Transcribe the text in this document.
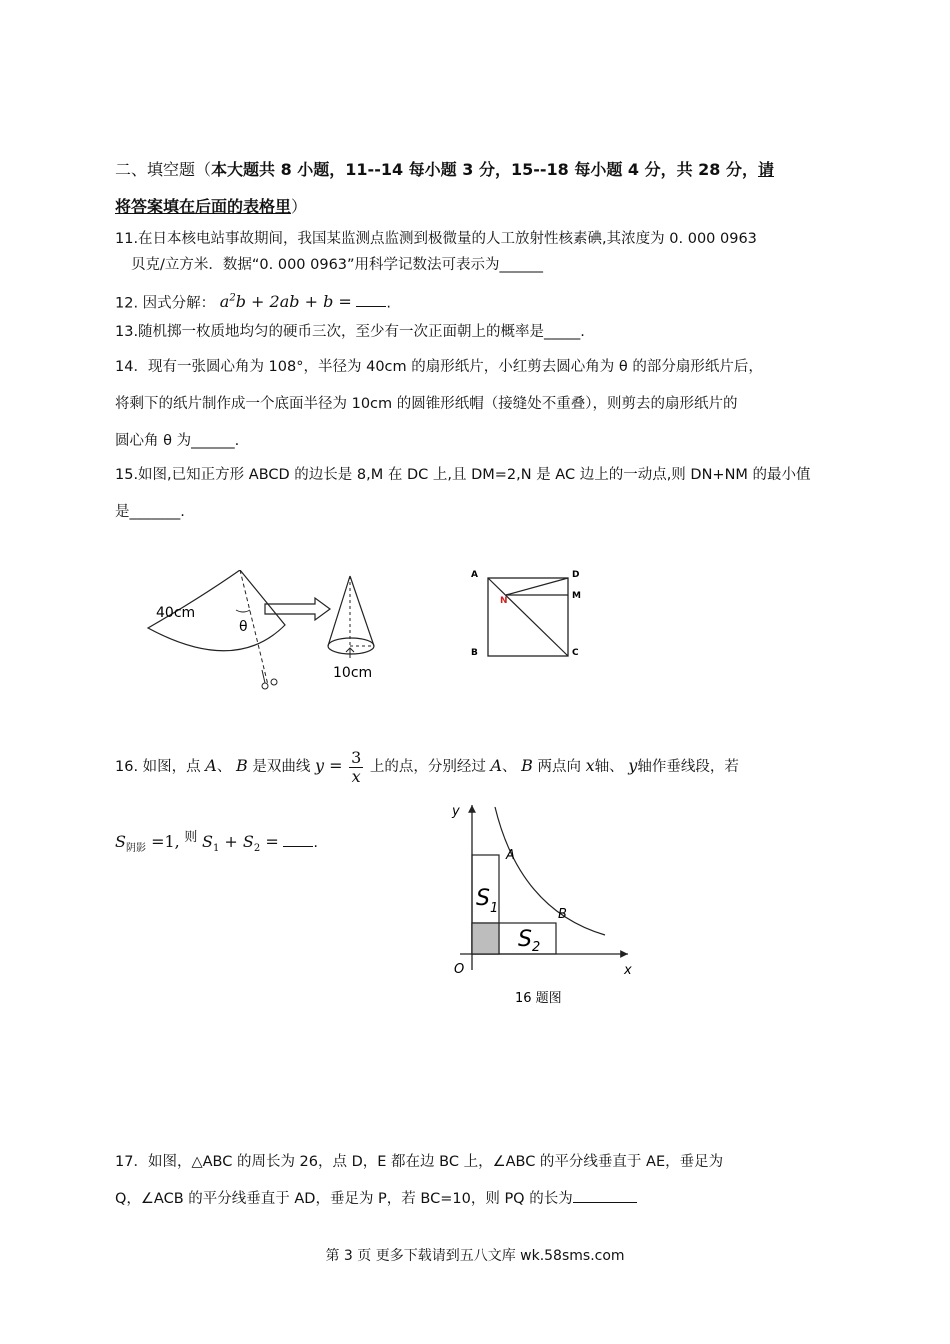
二、填空题（本大题共 8 小题，11--14 每小题 3 分，15--18 每小题 4 分，共 28 分，请
将答案填在后面的表格里）
11.在日本核电站事故期间，我国某监测点监测到极微量的人工放射性核素碘,其浓度为 0. 000 0963
贝克/立方米．数据“0. 000 0963”用科学记数法可表示为______
12. 因式分解： $a^2b + 2ab + b$ = .
13.随机掷一枚质地均匀的硬币三次，至少有一次正面朝上的概率是_____.
14．现有一张圆心角为 108°，半径为 40cm 的扇形纸片，小红剪去圆心角为 θ 的部分扇形纸片后，
将剩下的纸片制作成一个底面半径为 10cm 的圆锥形纸帽（接缝处不重叠），则剪去的扇形纸片的
圆心角 θ 为______.
15.如图,已知正方形 ABCD 的边长是 8,M 在 DC 上,且 DM=2,N 是 AC 边上的一动点,则 DN+NM 的最小值
是_______.
40cm
θ
10cm
A	D
M
N
B	C
16. 如图，点 A、 B 是双曲线 $y = \frac{3}{x}$ 上的点，分别经过 A、 B 两点向 x轴、 y轴作垂线段，若
$S_{阴影} =1$, $^则$ $S_1 + S_2$ = .
y
x
O
A
B
$S_1$
$S_2$
16 题图
17．如图，△ABC 的周长为 26，点 D，E 都在边 BC 上，∠ABC 的平分线垂直于 AE，垂足为
Q，∠ACB 的平分线垂直于 AD，垂足为 P，若 BC=10，则 PQ 的长为
第 3 页 更多下载请到五八文库 wk.58sms.com
